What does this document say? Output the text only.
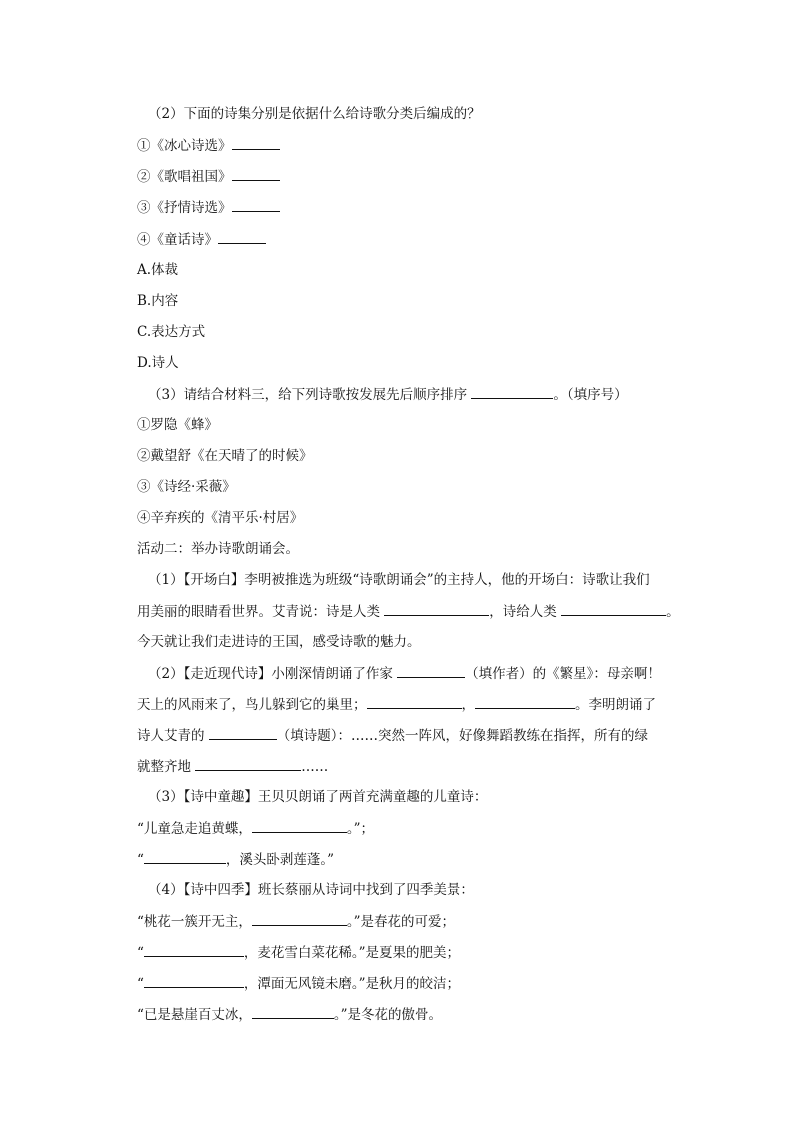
（2）下面的诗集分别是依据什么给诗歌分类后编成的？
①《冰心诗选》
②《歌唱祖国》
③《抒情诗选》
④《童话诗》
A.体裁
B.内容
C.表达方式
D.诗人
（3）请结合材料三，给下列诗歌按发展先后顺序排序	。（填序号）
①罗隐《蜂》
②戴望舒《在天晴了的时候》
③《诗经·采薇》
④辛弃疾的《清平乐·村居》
活动二：举办诗歌朗诵会。
（1）【开场白】李明被推选为班级“诗歌朗诵会”的主持人，他的开场白：诗歌让我们
用美丽的眼睛看世界。艾青说：诗是人类	，诗给人类	。
今天就让我们走进诗的王国，感受诗歌的魅力。
（2）【走近现代诗】小刚深情朗诵了作家	（填作者）的《繁星》：母亲啊！
天上的风雨来了，鸟儿躲到它的巢里；	，	。李明朗诵了
诗人艾青的	（填诗题）：……突然一阵风，好像舞蹈教练在指挥，所有的绿
就整齐地	……
（3）【诗中童趣】王贝贝朗诵了两首充满童趣的儿童诗：
“儿童急走追黄蝶，	。”；
“	，溪头卧剥莲蓬。”
（4）【诗中四季】班长蔡丽从诗词中找到了四季美景：
“桃花一簇开无主，	。”是春花的可爱；
“	，麦花雪白菜花稀。”是夏果的肥美；
“	，潭面无风镜未磨。”是秋月的皎洁；
“已是悬崖百丈冰，	。”是冬花的傲骨。
